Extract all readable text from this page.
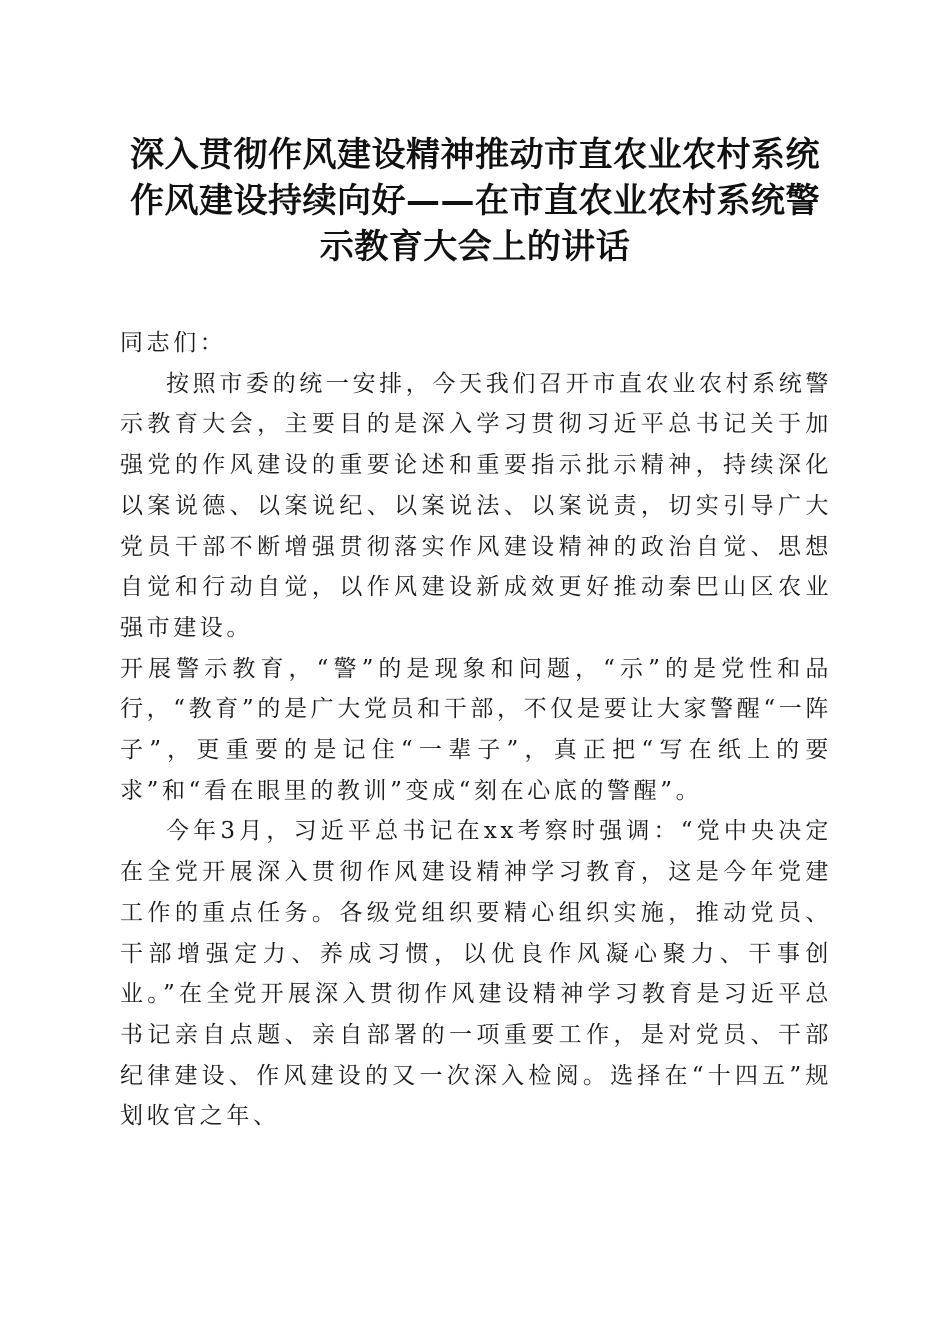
深入贯彻作风建设精神推动市直农业农村系统
作风建设持续向好——在市直农业农村系统警
示教育大会上的讲话

同志们：

按照市委的统一安排，今天我们召开市直农业农村系统警示教育大会，主要目的是深入学习贯彻习近平总书记关于加强党的作风建设的重要论述和重要指示批示精神，持续深化以案说德、以案说纪、以案说法、以案说责，切实引导广大党员干部不断增强贯彻落实作风建设精神的政治自觉、思想自觉和行动自觉，以作风建设新成效更好推动秦巴山区农业强市建设。

开展警示教育，“警”的是现象和问题，“示”的是党性和品行，“教育”的是广大党员和干部，不仅是要让大家警醒“一阵子”，更重要的是记住“一辈子”，真正把“写在纸上的要求”和“看在眼里的教训”变成“刻在心底的警醒”。

今年3月，习近平总书记在xx考察时强调：“党中央决定在全党开展深入贯彻作风建设精神学习教育，这是今年党建工作的重点任务。各级党组织要精心组织实施，推动党员、干部增强定力、养成习惯，以优良作风凝心聚力、干事创业。”在全党开展深入贯彻作风建设精神学习教育是习近平总书记亲自点题、亲自部署的一项重要工作，是对党员、干部纪律建设、作风建设的又一次深入检阅。选择在“十四五”规划收官之年、
